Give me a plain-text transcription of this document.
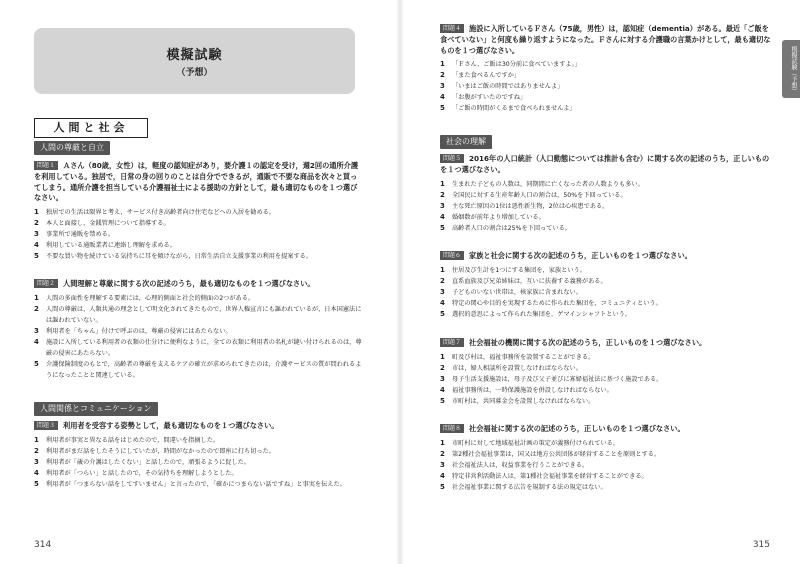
模擬試験
（予想）
人間と社会
人間の尊厳と自立
問題１ Ａさん（80歳，女性）は，軽度の認知症があり，要介護１の認定を受け，週2回の通所介護を利用している。独居で，日常の身の回りのことは自分でできるが，通販で不要な商品を次々と買ってしまう。通所介護を担当している介護福祉士による援助の方針として，最も適切なものを１つ選びなさい。
1	独居での生活は限界と考え，サービス付き高齢者向け住宅などへの入居を勧める。
2	本人と面接し，金銭管理について指導する。
3	事業所で通販を禁める。
4	利用している通販業者に連絡し理解を求める。
5	不要な買い物を続けている気持ちに耳を傾けながら，日常生活自立支援事業の利用を提案する。
問題２ 人間理解と尊厳に関する次の記述のうち，最も適切なものを１つ選びなさい。
1	人間の多面性を理解する要素には，心理的側面と社会的側面の2つがある。
2	人間の尊厳は，人類共通の理念として明文化されてきたもので，世界人権宣言にも謳われているが，日本国憲法には謳われていない。
3	利用者を「ちゃん」付けで呼ぶのは，尊厳の侵害にはあたらない。
4	施設に入所している利用者の衣類の仕分けに便利なように，全ての衣類に利用者の名札が縫い付けられるのは，尊厳の侵害にあたらない。
5	介護保険制度のもとで，高齢者の尊厳を支えるケアの確立が求められてきたのは，介護サービスの質が問われるようになったことと関連している。
人間関係とコミュニケーション
問題３ 利用者を受容する姿勢として，最も適切なものを１つ選びなさい。
1	利用者が事実と異なる話をはじめたので，間違いを指摘した。
2	利用者がまだ話をしたそうにしていたが，時間がなかったので即座に打ち切った。
3	利用者が「歳の介護はしたくない」と話したので，頑張るように促した。
4	利用者が「つらい」と話したので，その気持ちを理解しようとした。
5	利用者が「つまらない話をしてすいません」と言ったので，「確かにつまらない話ですね」と事実を伝えた。
314
模擬試験（予想）
問題４ 施設に入所しているＦさん（75歳，男性）は，認知症（dementia）がある。最近「ご飯を食べていない」と何度も繰り返すようになった。Ｆさんに対する介護職の言葉かけとして，最も適切なものを１つ選びなさい。
1	「Ｆさん，ご飯は30分前に食べていますよ。」
2	「また食べるんですか」
3	「いまはご飯の時間ではありませんよ」
4	「お腹がすいたのですね」
5	「ご飯の時間がくるまで食べられませんよ」
社会の理解
問題５ 2016年の人口統計（人口動態については推計も含む）に関する次の記述のうち，正しいものを１つ選びなさい。
1	生まれた子どもの人数は，同期間に亡くなった者の人数よりも多い。
2	全国民に対する生産年齢人口の割合は，50%を下回っている。
3	主な死亡原因の1位は悪性新生物，2位は心疾患である。
4	婚姻数が前年より増加している。
5	高齢者人口の割合は25%を下回っている。
問題６ 家族と社会に関する次の記述のうち，正しいものを１つ選びなさい。
1	住居及び生計を1つにする集団を，家族という。
2	直系血族及び兄弟姉妹は，互いに扶養する義務がある。
3	子どものいない世帯は，核家族に含まれない。
4	特定の関心や目的を実現するために作られた集団を，コミュニティという。
5	選択的意思によって作られた集団を，ゲマインシャフトという。
問題７ 社会福祉の機関に関する次の記述のうち，正しいものを１つ選びなさい。
1	町及び村は，福祉事務所を設置することができる。
2	市は，婦人相談所を設置しなければならない。
3	母子生活支援施設は，母子及び父子並びに寡婦福祉法に基づく施設である。
4	福祉事務所は，一時保護施設を併設しなければならない。
5	市町村は，共同募金会を設置しなければならない。
問題８ 社会福祉に関する次の記述のうち，正しいものを１つ選びなさい。
1	市町村に対して地域福祉計画の策定が義務付けられている。
2	第2種社会福祉事業は，国又は地方公共団体が経営することを原則とする。
3	社会福祉法人は，収益事業を行うことができる。
4	特定非営利活動法人は，第1種社会福祉事業を経営することができる。
5	社会福祉事業に関する広告を規制する法の規定はない。
315
